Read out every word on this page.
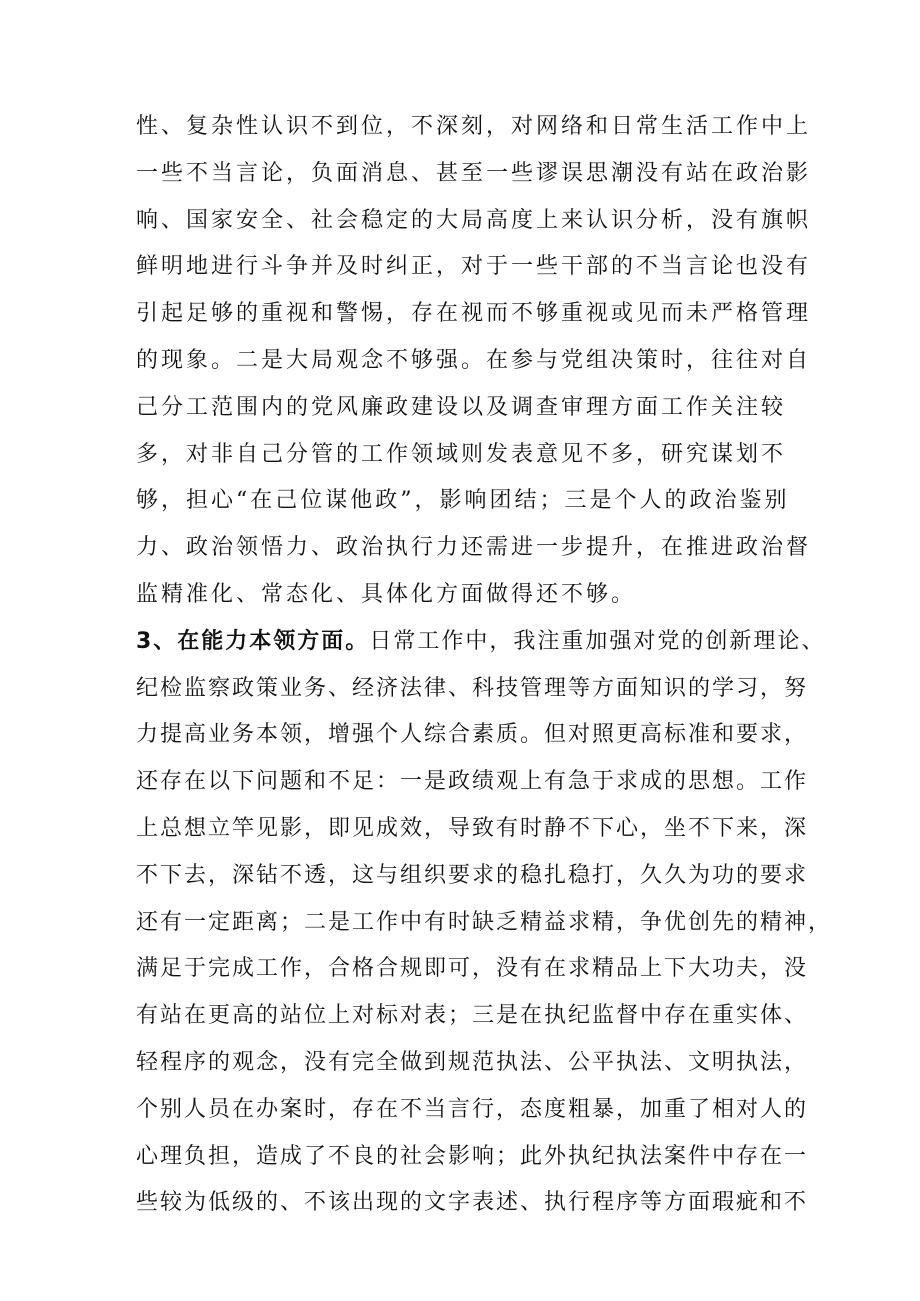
性、复杂性认识不到位，不深刻，对网络和日常生活工作中上
一些不当言论，负面消息、甚至一些谬误思潮没有站在政治影
响、国家安全、社会稳定的大局高度上来认识分析，没有旗帜
鲜明地进行斗争并及时纠正，对于一些干部的不当言论也没有
引起足够的重视和警惕，存在视而不够重视或见而未严格管理
的现象。二是大局观念不够强。在参与党组决策时，往往对自
己分工范围内的党风廉政建设以及调查审理方面工作关注较
多，对非自己分管的工作领域则发表意见不多，研究谋划不
够，担心“在己位谋他政”，影响团结；三是个人的政治鉴别
力、政治领悟力、政治执行力还需进一步提升，在推进政治督
监精准化、常态化、具体化方面做得还不够。
3、在能力本领方面。日常工作中，我注重加强对党的创新理论、
纪检监察政策业务、经济法律、科技管理等方面知识的学习，努
力提高业务本领，增强个人综合素质。但对照更高标准和要求，
还存在以下问题和不足：一是政绩观上有急于求成的思想。工作
上总想立竿见影，即见成效，导致有时静不下心，坐不下来，深
不下去，深钻不透，这与组织要求的稳扎稳打，久久为功的要求
还有一定距离；二是工作中有时缺乏精益求精，争优创先的精神，
满足于完成工作，合格合规即可，没有在求精品上下大功夫，没
有站在更高的站位上对标对表；三是在执纪监督中存在重实体、
轻程序的观念，没有完全做到规范执法、公平执法、文明执法，
个别人员在办案时，存在不当言行，态度粗暴，加重了相对人的
心理负担，造成了不良的社会影响；此外执纪执法案件中存在一
些较为低级的、不该出现的文字表述、执行程序等方面瑕疵和不
